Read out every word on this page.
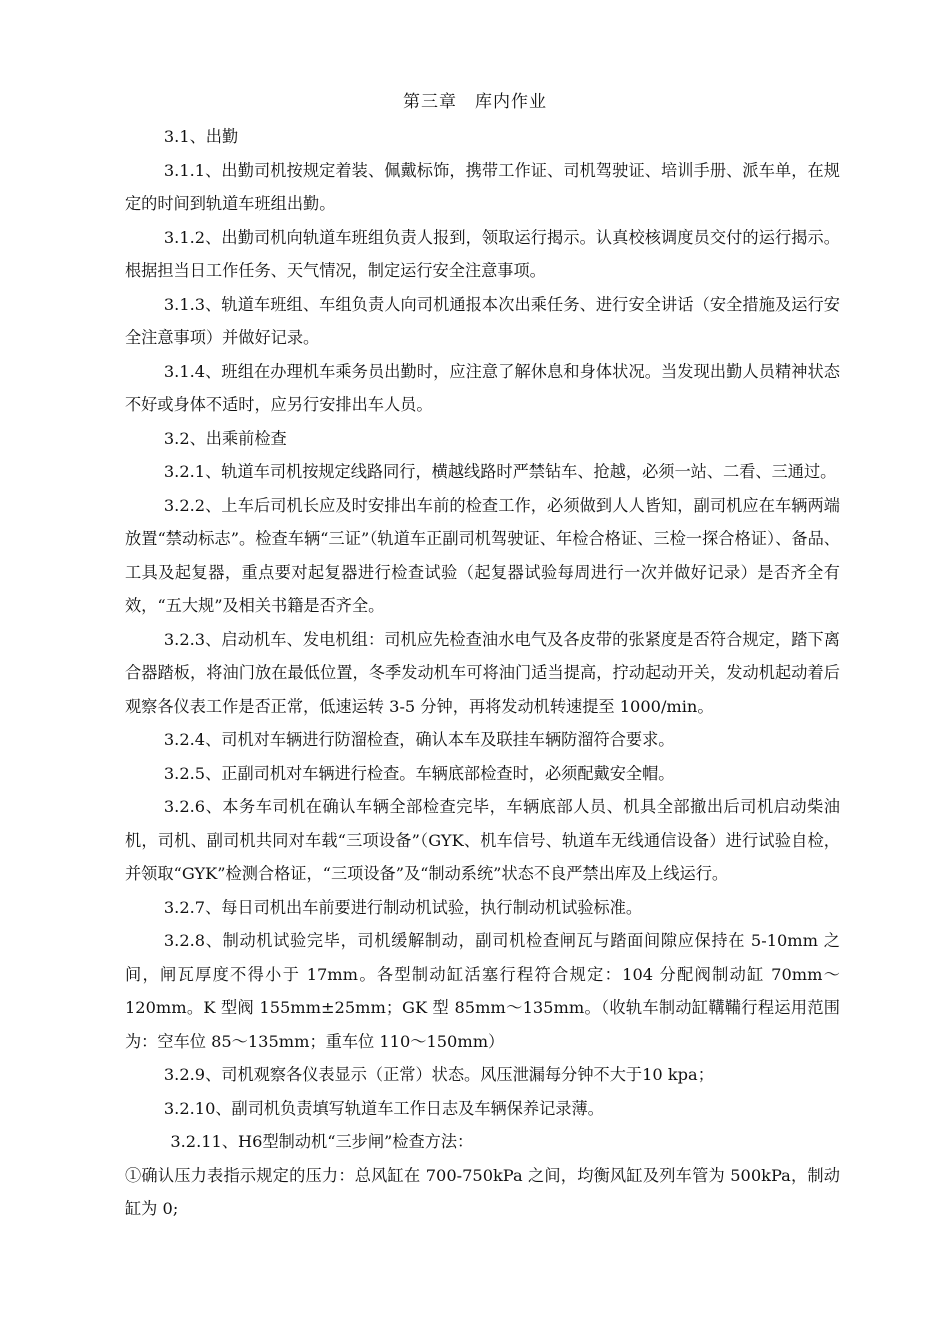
第三章　库内作业

3.1、出勤

3.1.1、出勤司机按规定着装、佩戴标饰，携带工作证、司机驾驶证、培训手册、派车单，在规定的时间到轨道车班组出勤。

3.1.2、出勤司机向轨道车班组负责人报到，领取运行揭示。认真校核调度员交付的运行揭示。根据担当日工作任务、天气情况，制定运行安全注意事项。

3.1.3、轨道车班组、车组负责人向司机通报本次出乘任务、进行安全讲话（安全措施及运行安全注意事项）并做好记录。

3.1.4、班组在办理机车乘务员出勤时，应注意了解休息和身体状况。当发现出勤人员精神状态不好或身体不适时，应另行安排出车人员。

3.2、出乘前检查

3.2.1、轨道车司机按规定线路同行，横越线路时严禁钻车、抢越，必须一站、二看、三通过。

3.2.2、上车后司机长应及时安排出车前的检查工作，必须做到人人皆知，副司机应在车辆两端放置“禁动标志”。检查车辆“三证”（轨道车正副司机驾驶证、年检合格证、三检一探合格证）、备品、工具及起复器，重点要对起复器进行检查试验（起复器试验每周进行一次并做好记录）是否齐全有效，“五大规”及相关书籍是否齐全。

3.2.3、启动机车、发电机组：司机应先检查油水电气及各皮带的张紧度是否符合规定，踏下离合器踏板，将油门放在最低位置，冬季发动机车可将油门适当提高，拧动起动开关，发动机起动着后观察各仪表工作是否正常，低速运转 3-5 分钟，再将发动机转速提至 1000/min。

3.2.4、司机对车辆进行防溜检查，确认本车及联挂车辆防溜符合要求。

3.2.5、正副司机对车辆进行检查。车辆底部检查时，必须配戴安全帽。

3.2.6、本务车司机在确认车辆全部检查完毕，车辆底部人员、机具全部撤出后司机启动柴油机，司机、副司机共同对车载“三项设备”（GYK、机车信号、轨道车无线通信设备）进行试验自检，并领取“GYK”检测合格证，“三项设备”及“制动系统”状态不良严禁出库及上线运行。

3.2.7、每日司机出车前要进行制动机试验，执行制动机试验标准。

3.2.8、制动机试验完毕，司机缓解制动，副司机检查闸瓦与踏面间隙应保持在 5-10mm 之间，闸瓦厚度不得小于 17mm。各型制动缸活塞行程符合规定：104 分配阀制动缸 70mm～120mm。K 型阀 155mm±25mm；GK 型 85mm～135mm。（收轨车制动缸鞲鞴行程运用范围为：空车位 85～135mm；重车位 110～150mm）

3.2.9、司机观察各仪表显示（正常）状态。风压泄漏每分钟不大于10 kpa；

3.2.10、副司机负责填写轨道车工作日志及车辆保养记录薄。

3.2.11、H6型制动机“三步闸”检查方法：

①确认压力表指示规定的压力：总风缸在 700-750kPa 之间，均衡风缸及列车管为 500kPa，制动缸为 0;
